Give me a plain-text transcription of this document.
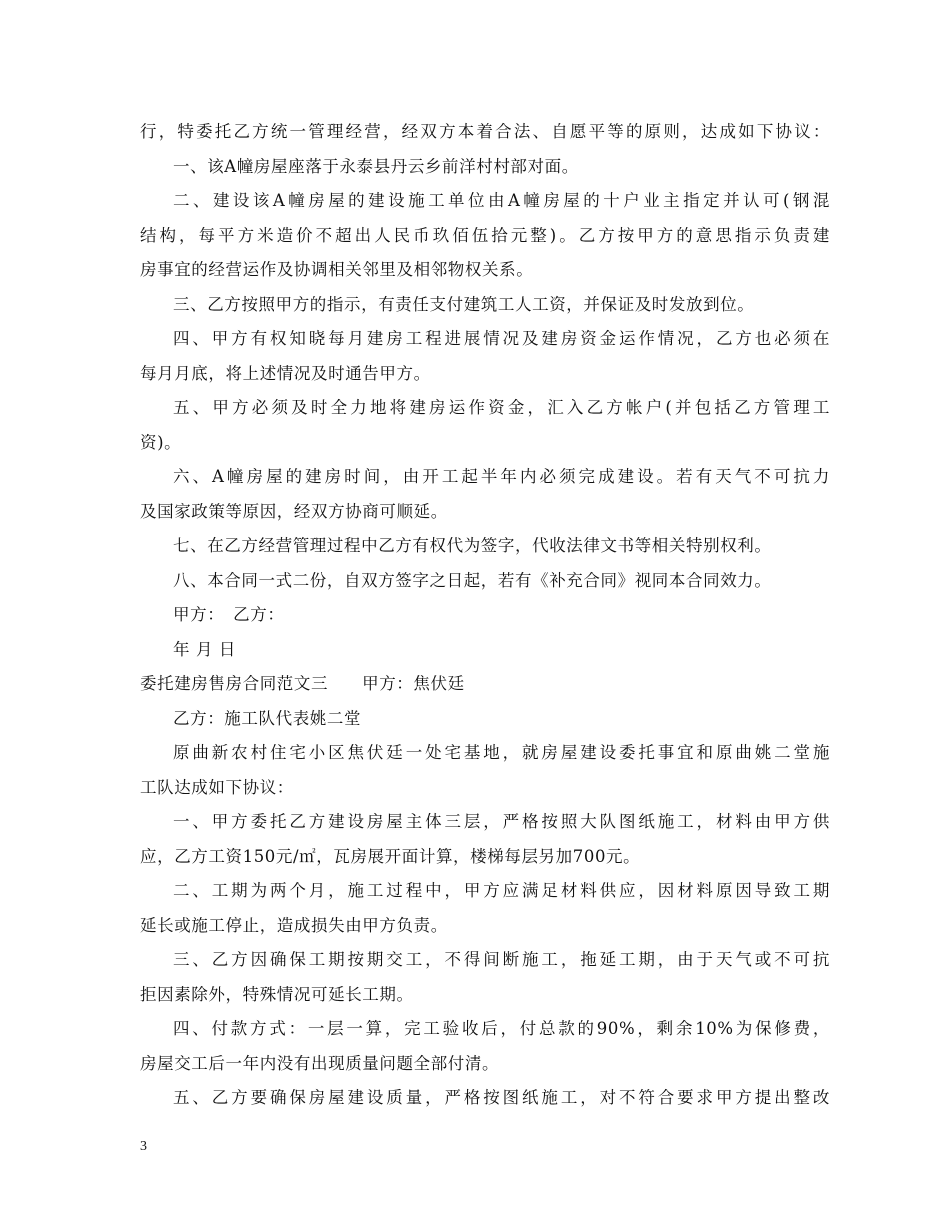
行，特委托乙方统一管理经营，经双方本着合法、自愿平等的原则，达成如下协议：
一、该A幢房屋座落于永泰县丹云乡前洋村村部对面。
二、建设该A幢房屋的建设施工单位由A幢房屋的十户业主指定并认可(钢混
结构，每平方米造价不超出人民币玖佰伍拾元整)。乙方按甲方的意思指示负责建
房事宜的经营运作及协调相关邻里及相邻物权关系。
三、乙方按照甲方的指示，有责任支付建筑工人工资，并保证及时发放到位。
四、甲方有权知晓每月建房工程进展情况及建房资金运作情况，乙方也必须在
每月月底，将上述情况及时通告甲方。
五、甲方必须及时全力地将建房运作资金，汇入乙方帐户(并包括乙方管理工
资)。
六、A幢房屋的建房时间，由开工起半年内必须完成建设。若有天气不可抗力
及国家政策等原因，经双方协商可顺延。
七、在乙方经营管理过程中乙方有权代为签字，代收法律文书等相关特别权利。
八、本合同一式二份，自双方签字之日起，若有《补充合同》视同本合同效力。
甲方：　乙方：
年 月 日
委托建房售房合同范文三 甲方：焦伏廷
乙方：施工队代表姚二堂
原曲新农村住宅小区焦伏廷一处宅基地，就房屋建设委托事宜和原曲姚二堂施
工队达成如下协议：
一、甲方委托乙方建设房屋主体三层，严格按照大队图纸施工，材料由甲方供
应，乙方工资150元/㎡，瓦房展开面计算，楼梯每层另加700元。
二、工期为两个月，施工过程中，甲方应满足材料供应，因材料原因导致工期
延长或施工停止，造成损失由甲方负责。
三、乙方因确保工期按期交工，不得间断施工，拖延工期，由于天气或不可抗
拒因素除外，特殊情况可延长工期。
四、付款方式：一层一算，完工验收后，付总款的90%，剩余10%为保修费，
房屋交工后一年内没有出现质量问题全部付清。
五、乙方要确保房屋建设质量，严格按图纸施工，对不符合要求甲方提出整改
3
